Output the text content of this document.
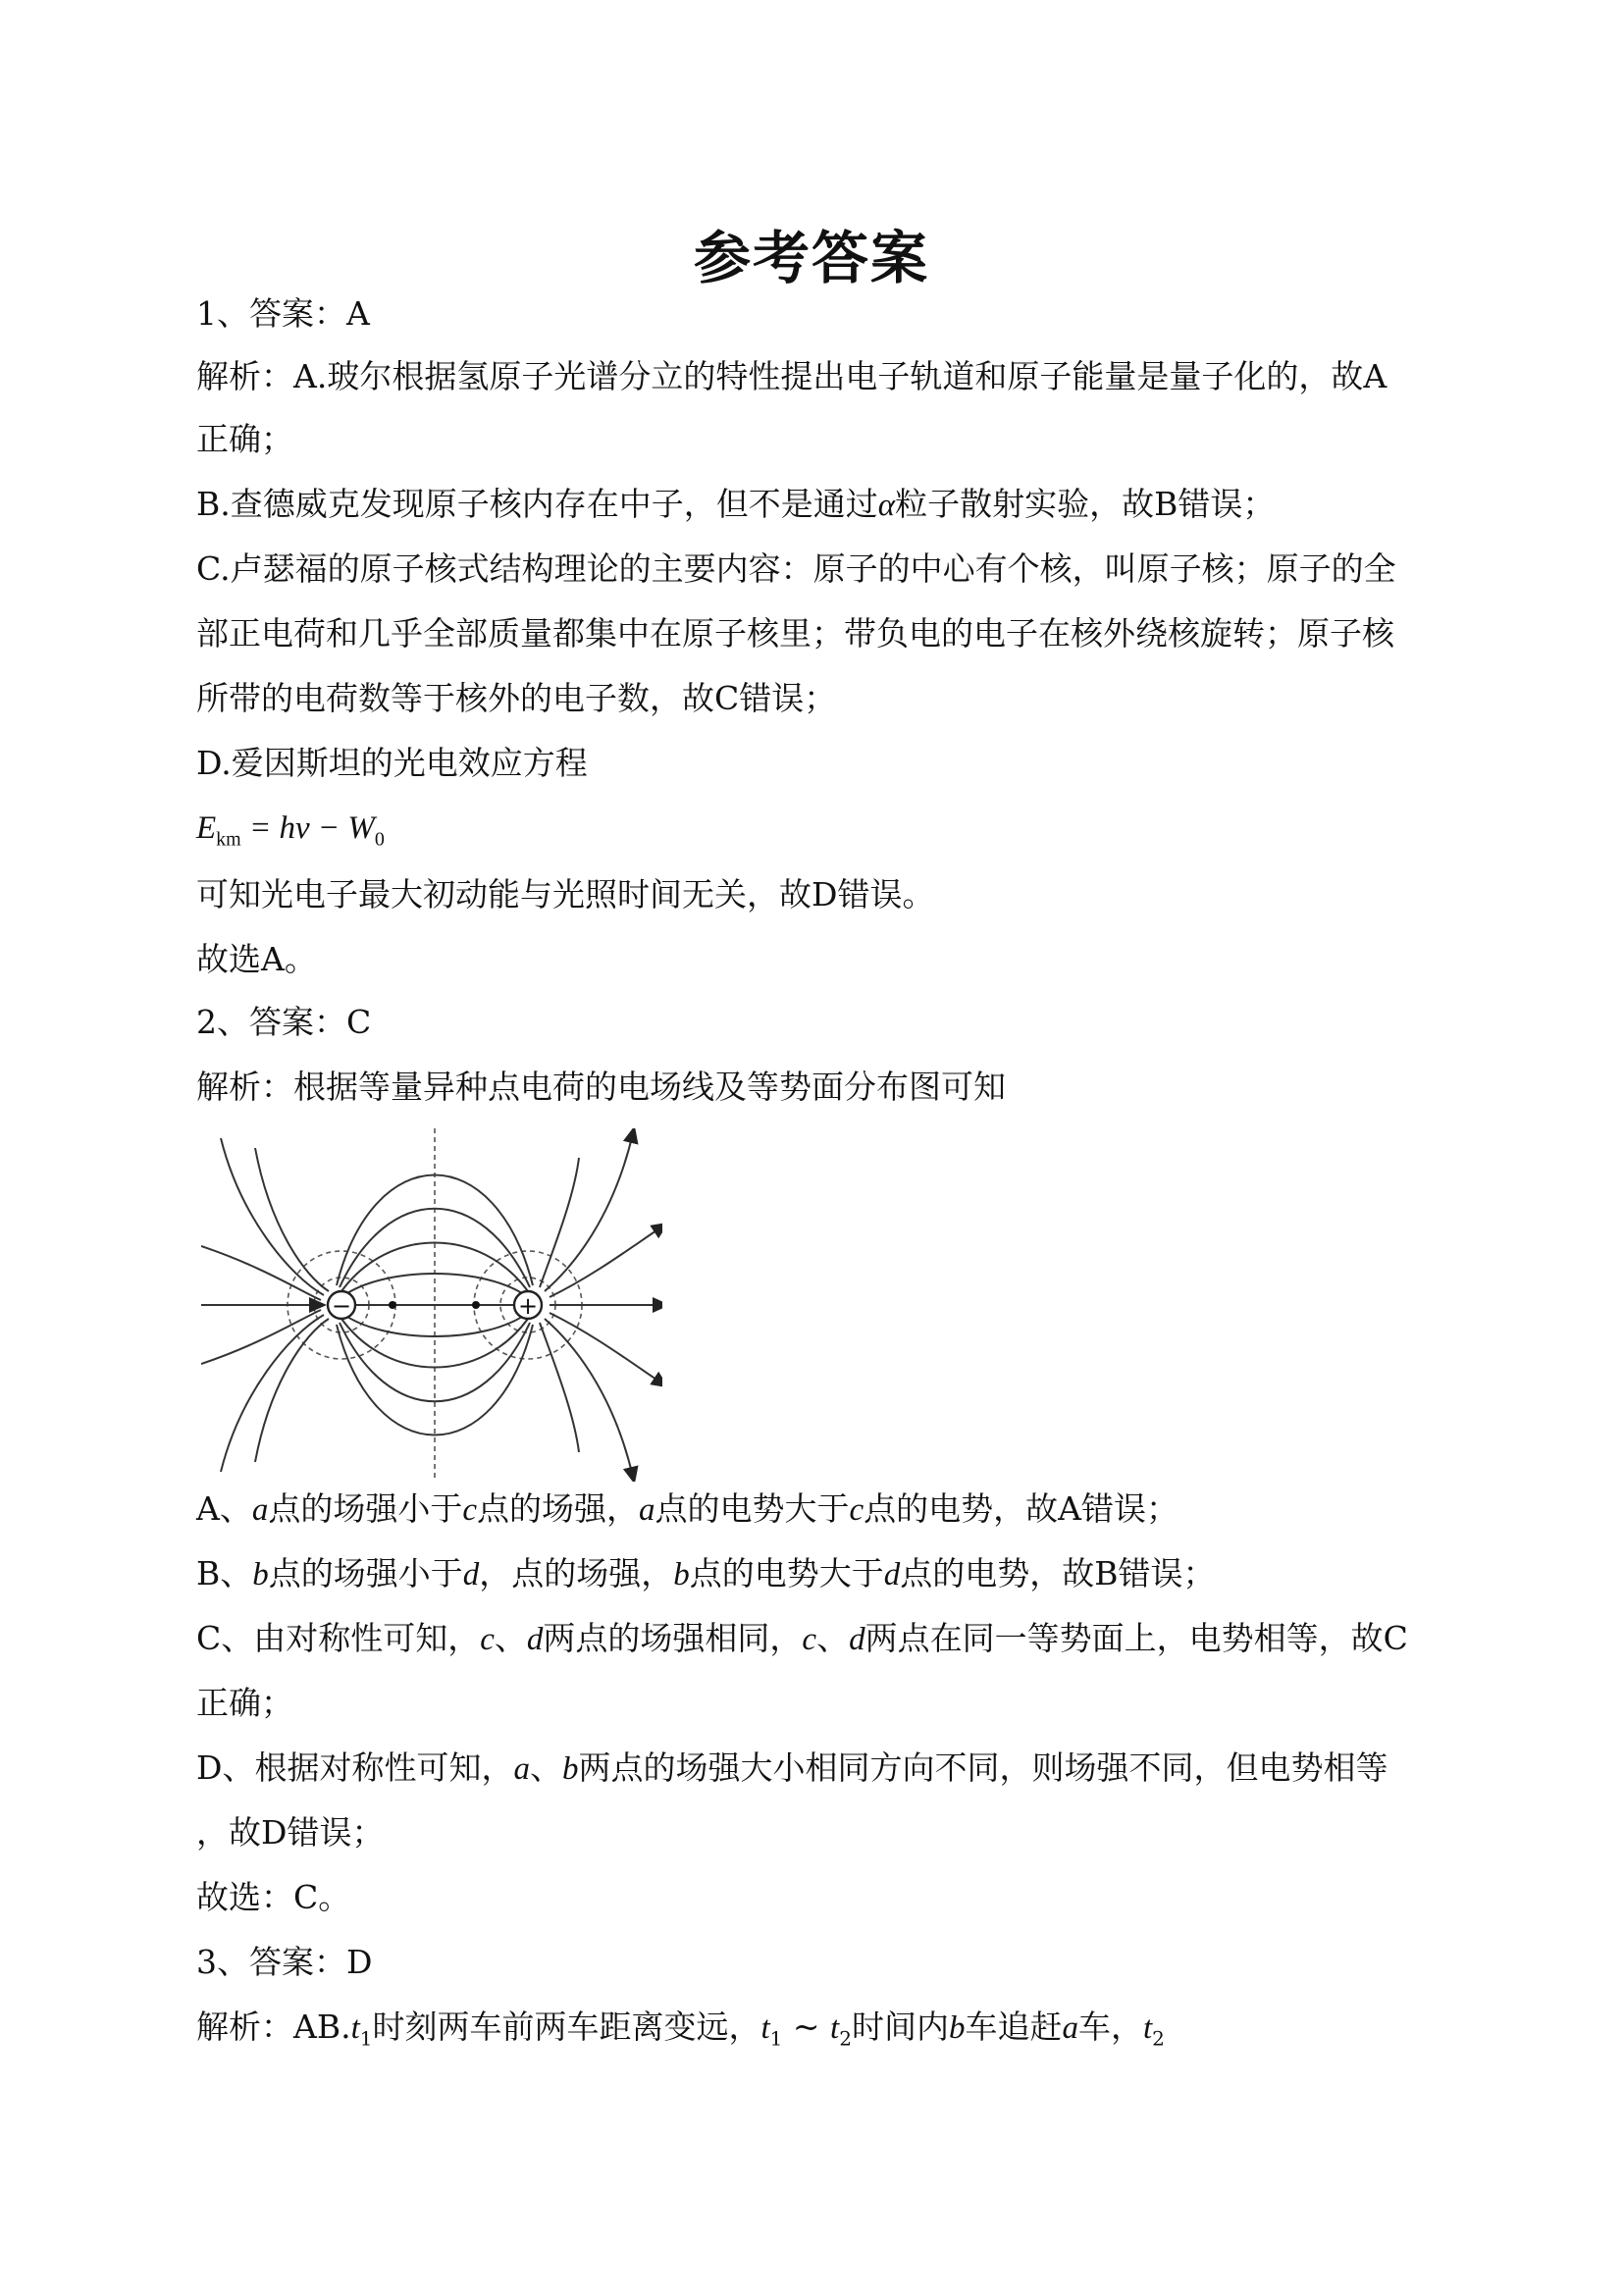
参考答案
1、答案：A
解析：A.玻尔根据氢原子光谱分立的特性提出电子轨道和原子能量是量子化的，故A
正确；
B.查德威克发现原子核内存在中子，但不是通过α粒子散射实验，故B错误；
C.卢瑟福的原子核式结构理论的主要内容：原子的中心有个核，叫原子核；原子的全
部正电荷和几乎全部质量都集中在原子核里；带负电的电子在核外绕核旋转；原子核
所带的电荷数等于核外的电子数，故C错误；
D.爱因斯坦的光电效应方程
$E_{km} = h\nu - W_0$
可知光电子最大初动能与光照时间无关，故D错误。
故选A。
2、答案：C
解析：根据等量异种点电荷的电场线及等势面分布图可知
−	+
A、a点的场强小于c点的场强，a点的电势大于c点的电势，故A错误；
B、b点的场强小于d，点的场强，b点的电势大于d点的电势，故B错误；
C、由对称性可知，c、d两点的场强相同，c、d两点在同一等势面上，电势相等，故C
正确；
D、根据对称性可知，a、b两点的场强大小相同方向不同，则场强不同，但电势相等
，故D错误；
故选：C。
3、答案：D
解析：$AB.t_1$时刻两车前两车距离变远，$t_1$ ~ $t_2$时间内b车追赶a车，$t_2$
